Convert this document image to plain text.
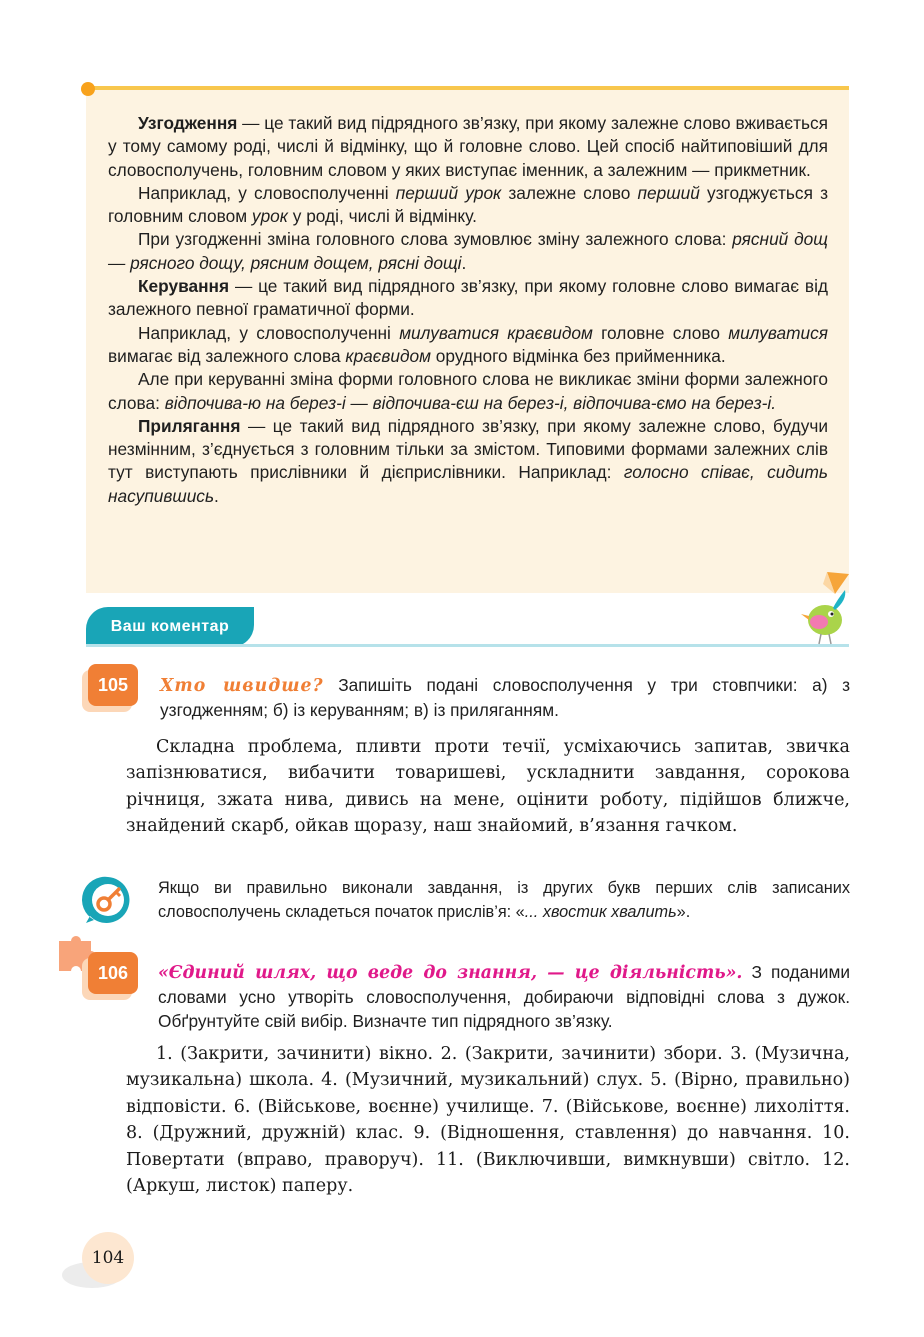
Узгодження — це такий вид підрядного зв’язку, при якому залежне слово вживається у тому самому роді, числі й відмінку, що й головне слово. Цей спосіб найтиповіший для словосполучень, головним словом у яких виступає іменник, а залежним — прикметник.

Наприклад, у словосполученні перший урок залежне слово перший узгоджується з головним словом урок у роді, числі й відмінку.

При узгодженні зміна головного слова зумовлює зміну залежного слова: рясний дощ — рясного дощу, рясним дощем, рясні дощі.

Керування — це такий вид підрядного зв’язку, при якому головне слово вимагає від залежного певної граматичної форми.

Наприклад, у словосполученні милуватися краєвидом головне слово милуватися вимагає від залежного слова краєвидом орудного відмінка без прийменника.

Але при керуванні зміна форми головного слова не викликає зміни форми залежного слова: відпочива-ю на берез-і — відпочива-єш на берез-і, відпочива-ємо на берез-і.

Прилягання — це такий вид підрядного зв’язку, при якому залежне слово, будучи незмінним, з’єднується з головним тільки за змістом. Типовими формами залежних слів тут виступають прислівники й дієприслівники. Наприклад: голосно співає, сидить насупившись.

Ваш коментар
105	Хто швидше? Запишіть подані словосполучення у три стовпчики: а) з узгодженням; б) із керуванням; в) із приляганням.

Складна проблема, пливти проти течії, усміхаючись запитав, звичка запізнюватися, вибачити товаришеві, ускладнити завдання, сорокова річниця, зжата нива, дивись на мене, оцінити роботу, підійшов ближче, знайдений скарб, ойкав щоразу, наш знайомий, в’язання гачком.

Якщо ви правильно виконали завдання, із других букв перших слів записаних словосполучень складеться початок прислів’я: «... хвостик хвалить».
106	«Єдиний шлях, що веде до знання, — це діяльність». З поданими словами усно утворіть словосполучення, добираючи відповідні слова з дужок. Обґрунтуйте свій вибір. Визначте тип підрядного зв’язку.

1. (Закрити, зачинити) вікно. 2. (Закрити, зачинити) збори. 3. (Музична, музикальна) школа. 4. (Музичний, музикальний) слух. 5. (Вірно, правильно) відповісти. 6. (Військове, воєнне) училище. 7. (Військове, воєнне) лихоліття. 8. (Дружний, дружній) клас. 9. (Відношення, ставлення) до навчання. 10. Повертати (вправо, праворуч). 11. (Виключивши, вимкнувши) світло. 12. (Аркуш, листок) паперу.

104
